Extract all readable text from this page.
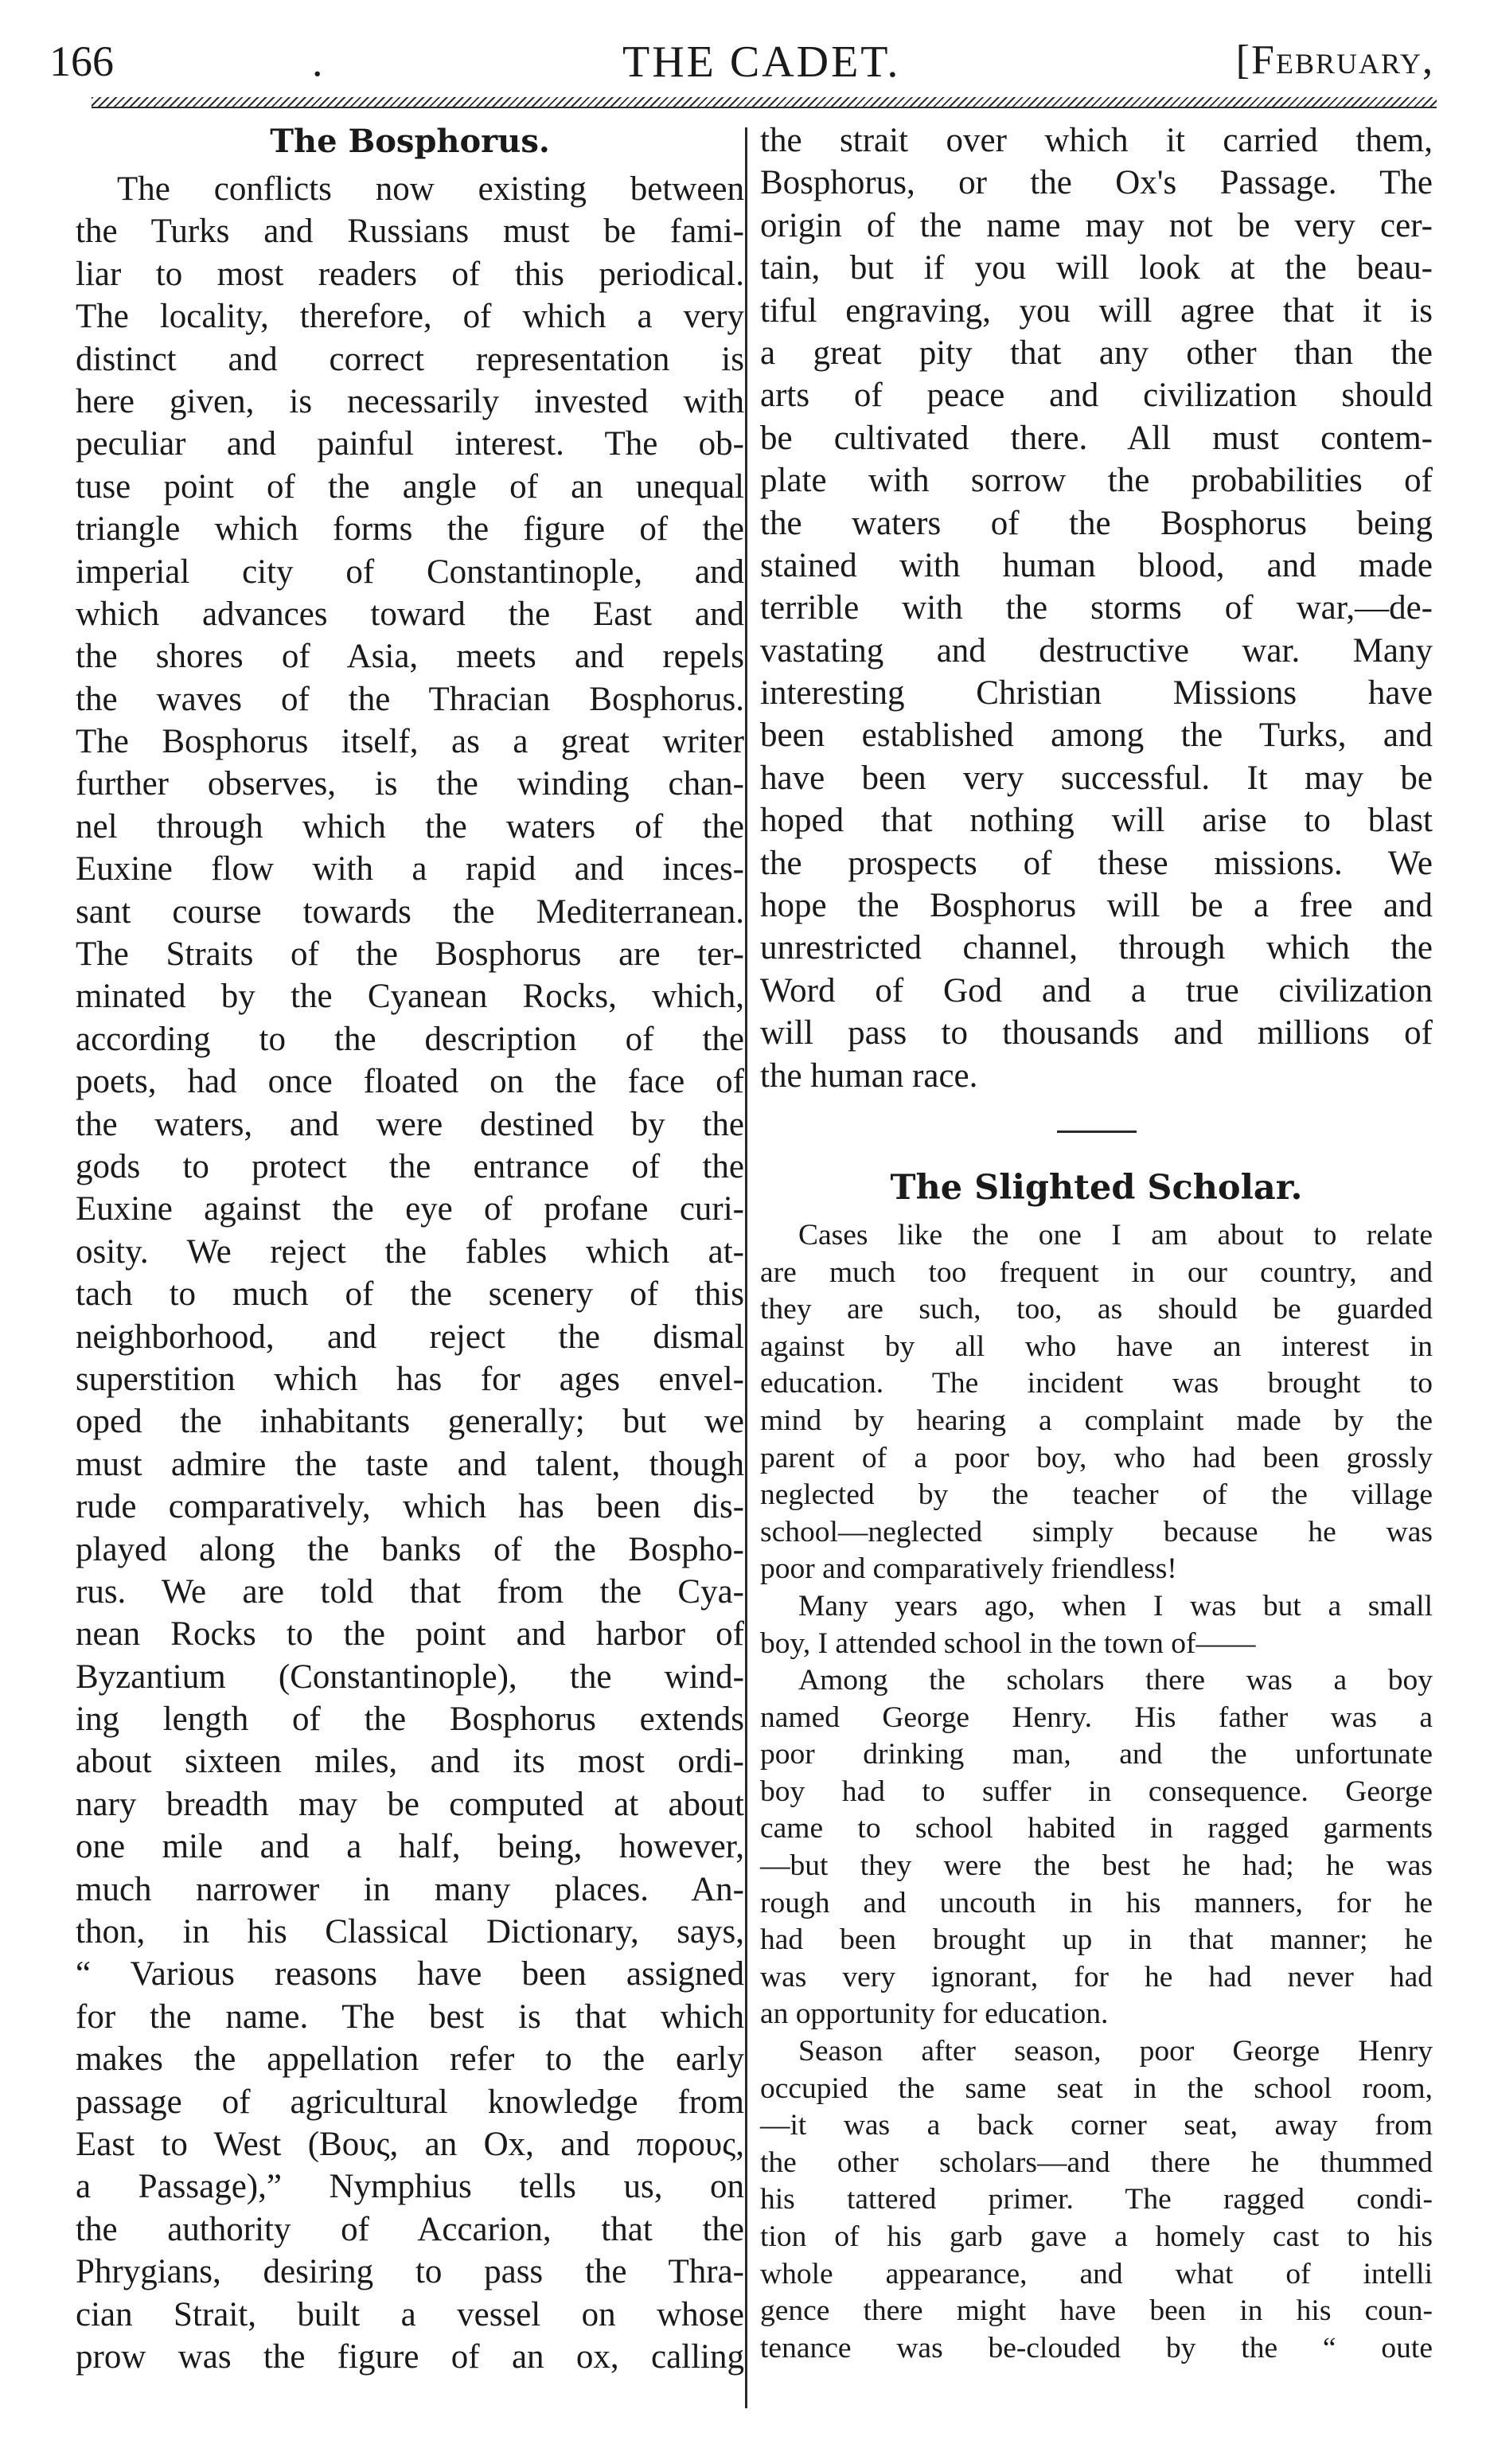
166	.	THE CADET.	[February,
The Bosphorus.
The conflicts now existing between
the Turks and Russians must be fami-
liar to most readers of this periodical.
The locality, therefore, of which a very
distinct and correct representation is
here given, is necessarily invested with
peculiar and painful interest. The ob-
tuse point of the angle of an unequal
triangle which forms the figure of the
imperial city of Constantinople, and
which advances toward the East and
the shores of Asia, meets and repels
the waves of the Thracian Bosphorus.
The Bosphorus itself, as a great writer
further observes, is the winding chan-
nel through which the waters of the
Euxine flow with a rapid and inces-
sant course towards the Mediterranean.
The Straits of the Bosphorus are ter-
minated by the Cyanean Rocks, which,
according to the description of the
poets, had once floated on the face of
the waters, and were destined by the
gods to protect the entrance of the
Euxine against the eye of profane curi-
osity. We reject the fables which at-
tach to much of the scenery of this
neighborhood, and reject the dismal
superstition which has for ages envel-
oped the inhabitants generally; but we
must admire the taste and talent, though
rude comparatively, which has been dis-
played along the banks of the Bospho-
rus. We are told that from the Cya-
nean Rocks to the point and harbor of
Byzantium (Constantinople), the wind-
ing length of the Bosphorus extends
about sixteen miles, and its most ordi-
nary breadth may be computed at about
one mile and a half, being, however,
much narrower in many places. An-
thon, in his Classical Dictionary, says,
“ Various reasons have been assigned
for the name. The best is that which
makes the appellation refer to the early
passage of agricultural knowledge from
East to West (Βους, an Ox, and πορους,
a Passage),” Nymphius tells us, on
the authority of Accarion, that the
Phrygians, desiring to pass the Thra-
cian Strait, built a vessel on whose
prow was the figure of an ox, calling
the strait over which it carried them,
Bosphorus, or the Ox's Passage. The
origin of the name may not be very cer-
tain, but if you will look at the beau-
tiful engraving, you will agree that it is
a great pity that any other than the
arts of peace and civilization should
be cultivated there. All must contem-
plate with sorrow the probabilities of
the waters of the Bosphorus being
stained with human blood, and made
terrible with the storms of war,—de-
vastating and destructive war. Many
interesting Christian Missions have
been established among the Turks, and
have been very successful. It may be
hoped that nothing will arise to blast
the prospects of these missions. We
hope the Bosphorus will be a free and
unrestricted channel, through which the
Word of God and a true civilization
will pass to thousands and millions of
the human race.
The Slighted Scholar.
Cases like the one I am about to relate
are much too frequent in our country, and
they are such, too, as should be guarded
against by all who have an interest in
education. The incident was brought to
mind by hearing a complaint made by the
parent of a poor boy, who had been grossly
neglected by the teacher of the village
school—neglected simply because he was
poor and comparatively friendless!
Many years ago, when I was but a small
boy, I attended school in the town of——
Among the scholars there was a boy
named George Henry. His father was a
poor drinking man, and the unfortunate
boy had to suffer in consequence. George
came to school habited in ragged garments
—but they were the best he had; he was
rough and uncouth in his manners, for he
had been brought up in that manner; he
was very ignorant, for he had never had
an opportunity for education.
Season after season, poor George Henry
occupied the same seat in the school room,
—it was a back corner seat, away from
the other scholars—and there he thummed
his tattered primer. The ragged condi-
tion of his garb gave a homely cast to his
whole appearance, and what of intelli
gence there might have been in his coun-
tenance was be-clouded by the “ oute
